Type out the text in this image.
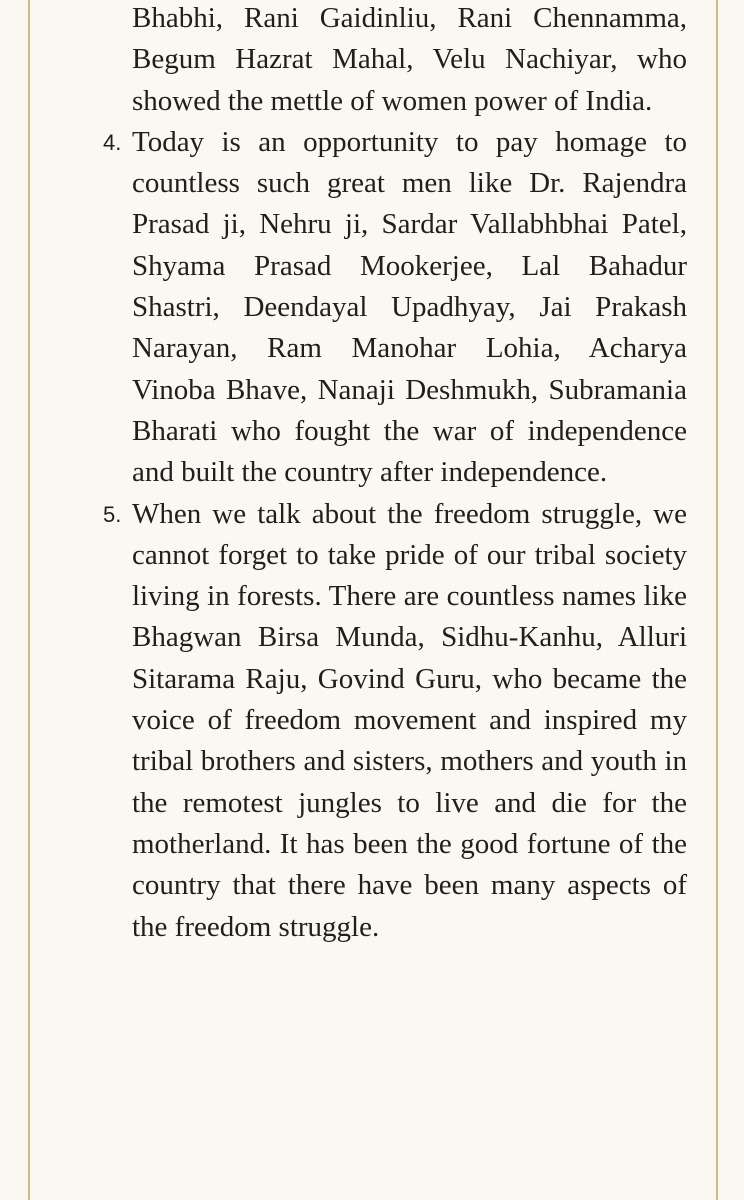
Bhabhi, Rani Gaidinliu, Rani Chennamma, Begum Hazrat Mahal, Velu Nachiyar, who showed the mettle of women power of India.
4. Today is an opportunity to pay homage to countless such great men like Dr. Rajendra Prasad ji, Nehru ji, Sardar Vallabhbhai Patel, Shyama Prasad Mookerjee, Lal Bahadur Shastri, Deendayal Upadhyay, Jai Prakash Narayan, Ram Manohar Lohia, Acharya Vinoba Bhave, Nanaji Deshmukh, Subramania Bharati who fought the war of independence and built the country after independence.
5. When we talk about the freedom struggle, we cannot forget to take pride of our tribal society living in forests. There are countless names like Bhagwan Birsa Munda, Sidhu-Kanhu, Alluri Sitarama Raju, Govind Guru, who became the voice of freedom movement and inspired my tribal brothers and sisters, mothers and youth in the remotest jungles to live and die for the motherland. It has been the good fortune of the country that there have been many aspects of the freedom struggle.
